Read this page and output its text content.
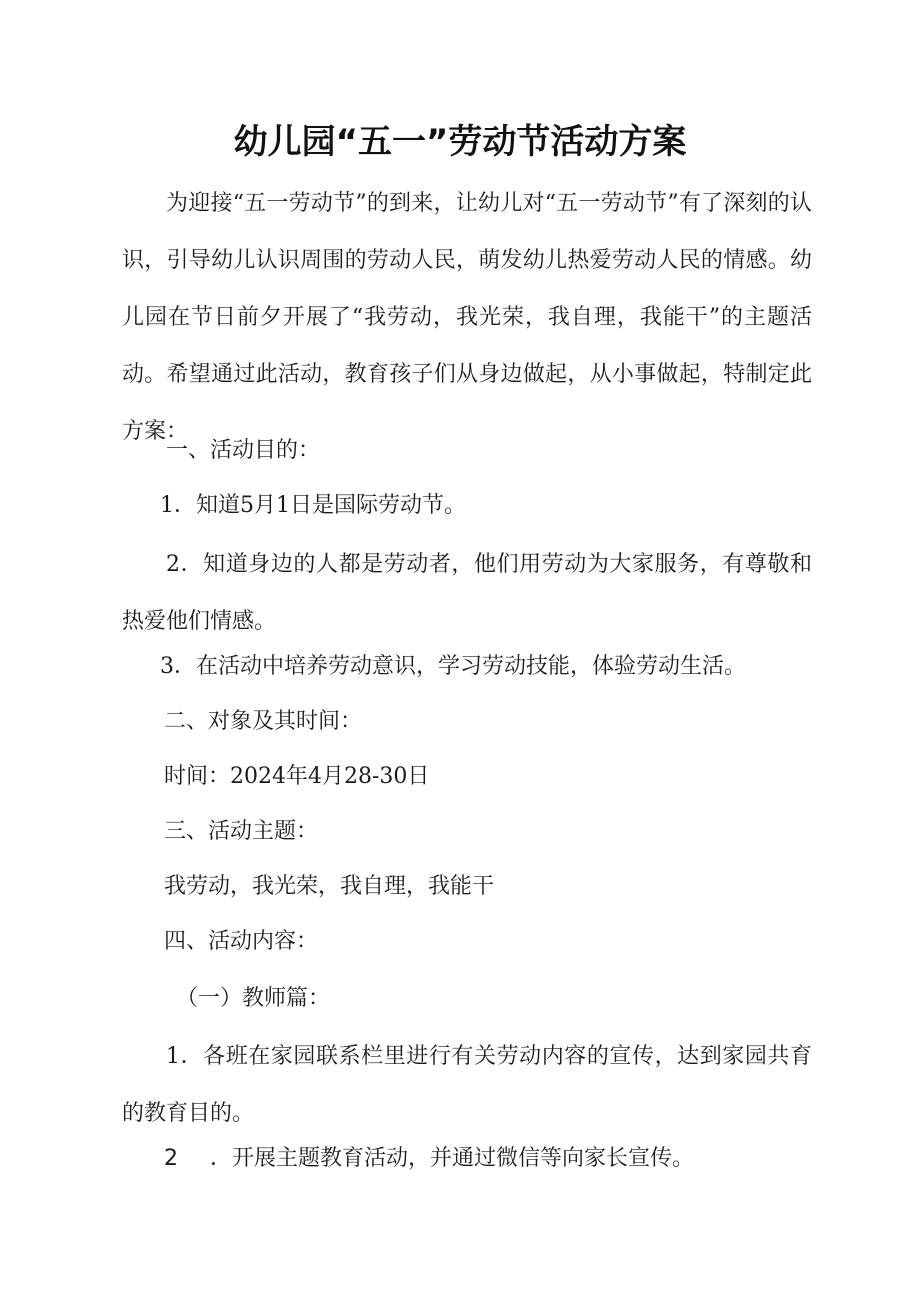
幼儿园“五一”劳动节活动方案
为迎接“五一劳动节”的到来，让幼儿对“五一劳动节”有了深刻的认识，引导幼儿认识周围的劳动人民，萌发幼儿热爱劳动人民的情感。幼儿园在节日前夕开展了“我劳动，我光荣，我自理，我能干”的主题活动。希望通过此活动，教育孩子们从身边做起，从小事做起，特制定此方案：
一、活动目的：
1．知道5月1日是国际劳动节。
2．知道身边的人都是劳动者，他们用劳动为大家服务，有尊敬和热爱他们情感。
3．在活动中培养劳动意识，学习劳动技能，体验劳动生活。
二、对象及其时间：
时间：2024年4月28-30日
三、活动主题：
我劳动，我光荣，我自理，我能干
四、活动内容：
（一）教师篇：
1．各班在家园联系栏里进行有关劳动内容的宣传，达到家园共育的教育目的。
2 ．开展主题教育活动，并通过微信等向家长宣传。
